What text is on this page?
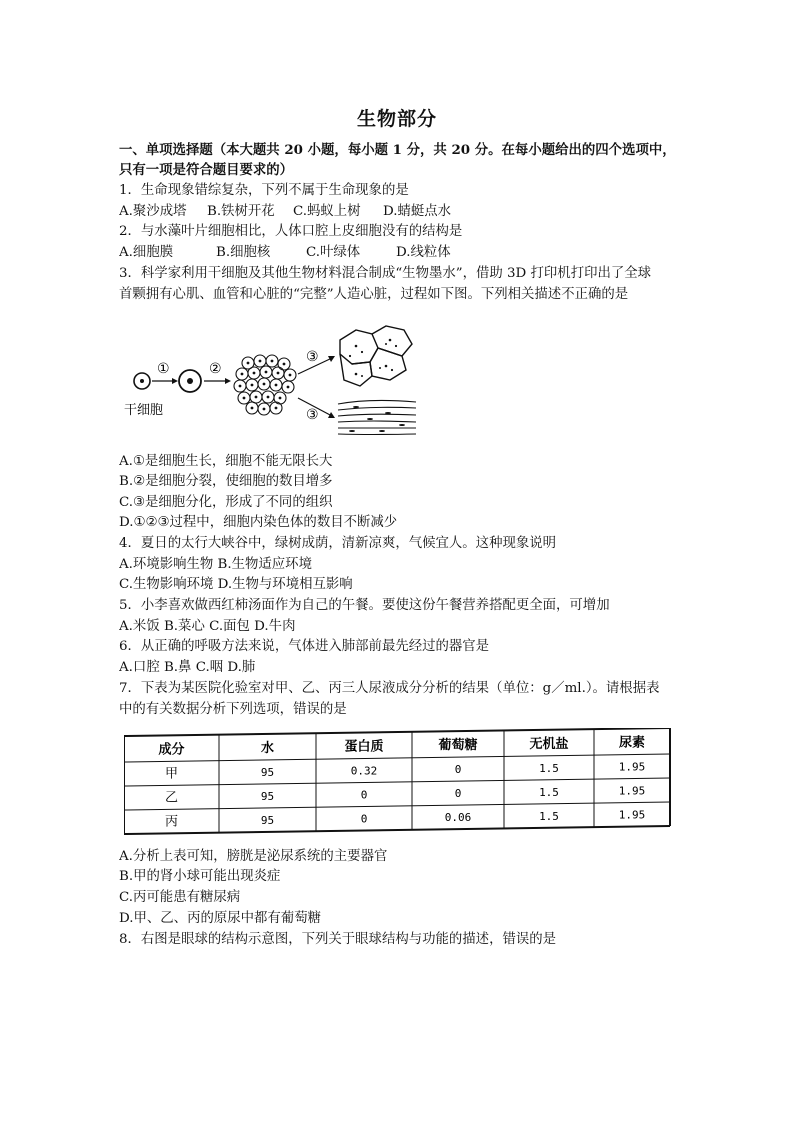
生物部分
一、单项选择题（本大题共 20 小题，每小题 1 分，共 20 分。在每小题给出的四个选项中，
只有一项是符合题目要求的）
1．生命现象错综复杂，下列不属于生命现象的是
A.聚沙成塔 B.铁树开花 C.蚂蚁上树 D.蜻蜓点水
2．与水藻叶片细胞相比，人体口腔上皮细胞没有的结构是
A.细胞膜	B.细胞核	C.叶绿体	D.线粒体
3．科学家利用干细胞及其他生物材料混合制成“生物墨水”，借助 3D 打印机打印出了全球
首颗拥有心肌、血管和心脏的“完整”人造心脏，过程如下图。下列相关描述不正确的是
①	②
③
③
干细胞
A.①是细胞生长，细胞不能无限长大
B.②是细胞分裂，使细胞的数目增多
C.③是细胞分化，形成了不同的组织
D.①②③过程中，细胞内染色体的数目不断减少
4．夏日的太行大峡谷中，绿树成荫，清新凉爽，气候宜人。这种现象说明
A.环境影响生物 B.生物适应环境
C.生物影响环境 D.生物与环境相互影响
5．小李喜欢做西红柿汤面作为自己的午餐。要使这份午餐营养搭配更全面，可增加
A.米饭 B.菜心 C.面包 D.牛肉
6．从正确的呼吸方法来说，气体进入肺部前最先经过的器官是
A.口腔 B.鼻 C.咽 D.肺
7．下表为某医院化验室对甲、乙、丙三人尿液成分分析的结果（单位：g／ml.）。请根据表
中的有关数据分析下列选项，错误的是
成分	水	蛋白质	葡萄糖	无机盐	尿素
甲	95	0.32	0	1.5	1.95
乙	95	0	0	1.5	1.95
丙	95	0	0.06	1.5	1.95
A.分析上表可知，膀胱是泌尿系统的主要器官
B.甲的肾小球可能出现炎症
C.丙可能患有糖尿病
D.甲、乙、丙的原尿中都有葡萄糖
8．右图是眼球的结构示意图，下列关于眼球结构与功能的描述，错误的是
